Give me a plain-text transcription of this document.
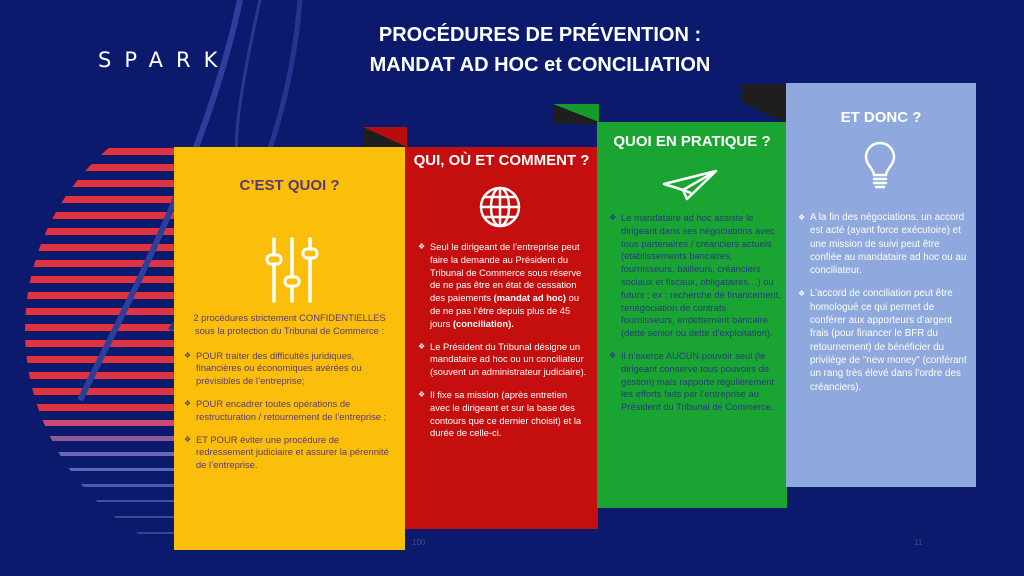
SPARK
PROCÉDURES DE PRÉVENTION :
MANDAT AD HOC et CONCILIATION
C’EST QUOI ?

2 procédures strictement CONFIDENTIELLES sous la protection du Tribunal de Commerce :

❖ POUR traiter des difficultés juridiques, financières ou économiques avérées ou prévisibles de l’entreprise;
❖ POUR encadrer toutes opérations de restructuration / retournement de l’entreprise ;
❖ ET POUR éviter une procédure de redressement judiciaire et assurer la pérennité de l’entreprise.
QUI, OÙ ET COMMENT ?
❖ Seul le dirigeant de l’entreprise peut faire la demande au Président du Tribunal de Commerce sous réserve de ne pas être en état de cessation des paiements (mandat ad hoc) ou de ne pas l’être depuis plus de 45 jours (conciliation).
❖ Le Président du Tribunal désigne un mandataire ad hoc ou un conciliateur (souvent un administrateur judiciaire).
❖ Il fixe sa mission (après entretien avec le dirigeant et sur la base des contours que ce dernier choisit) et la durée de celle-ci.
QUOI EN PRATIQUE ?
❖ Le mandataire ad hoc assiste le dirigeant dans ses négociations avec tous partenaires / créanciers actuels (établissements bancaires, fournisseurs, bailleurs, créanciers sociaux et fiscaux, obligataires…) ou futurs ; ex : recherche de financement, renégociation de contrats fournisseurs, endettement bancaire (dette senior ou dette d’exploitation).
❖ Il n’exerce AUCUN pouvoir seul (le dirigeant conserve tous pouvoirs de gestion) mais rapporte régulièrement les efforts faits par l’entreprise au Président du Tribunal de Commerce.
ET DONC ?
❖ A la fin des négociations, un accord est acté (ayant force exécutoire) et une mission de suivi peut être confiée au mandataire ad hoc ou au conciliateur.
❖ L’accord de conciliation peut être homologué ce qui permet de conférer aux apporteurs d’argent frais (pour financer le BFR du retournement) de bénéficier du privilège de "new money" (conférant un rang très élevé dans l’ordre des créanciers).
100	11
